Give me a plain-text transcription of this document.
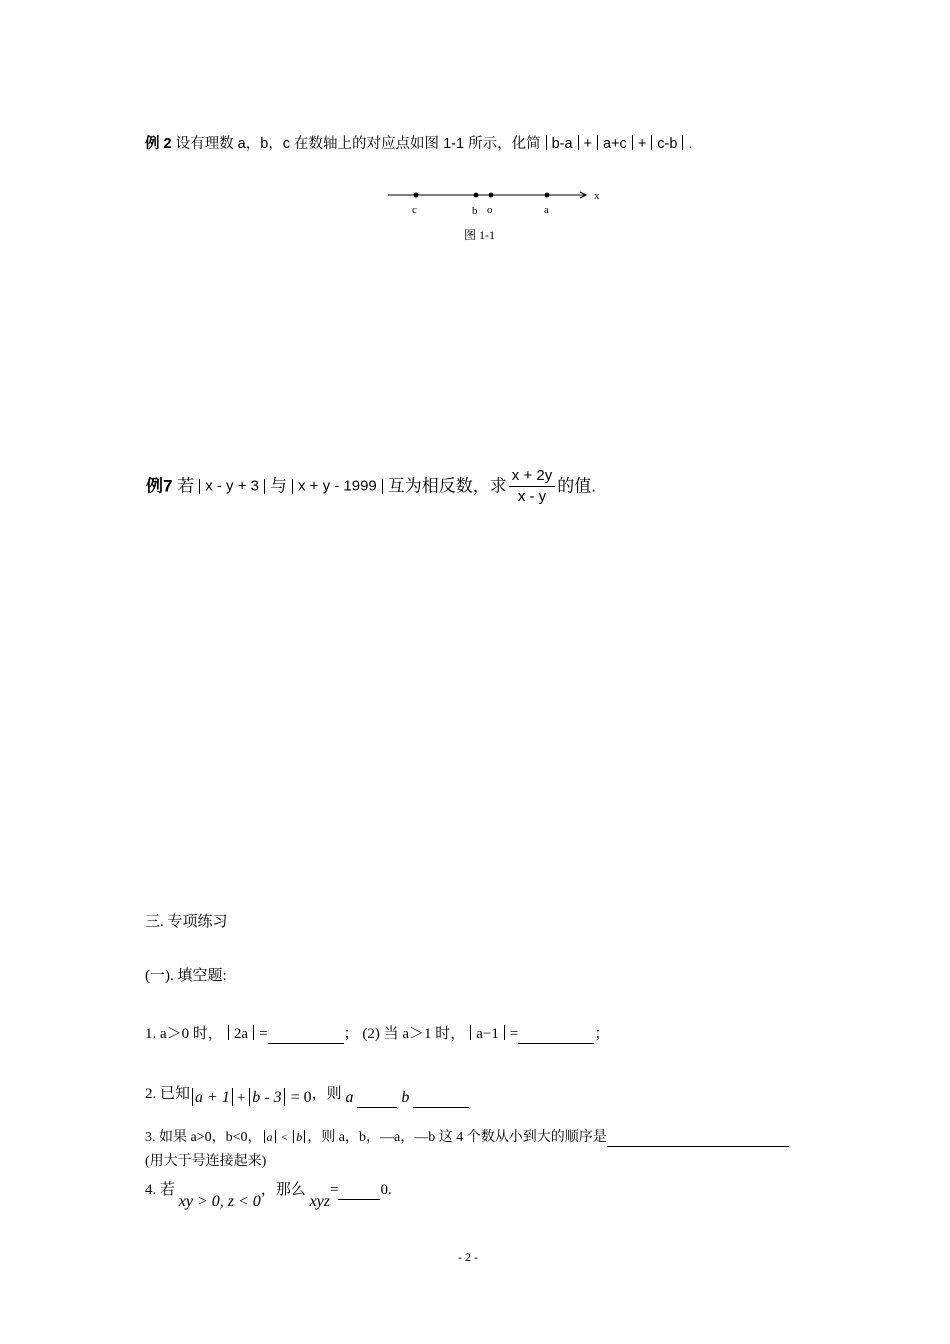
例 2 设有理数 a，b，c 在数轴上的对应点如图 1-1 所示，化简 b-a + a+c + c-b .
x
c	b o	a
图 1-1
例7 若 x - y + 3 与 x + y - 1999 互为相反数，求 $\frac{x + 2y}{x - y}$ 的值.
三. 专项练习
(一). 填空题:
1. a＞0 时， 2a =	； (2) 当 a＞1 时， a−1 =	；
2. 已知 a + 1 + b - 3 = 0，则 a	b
3. 如果 a>0，b<0， a < b ，则 a，b，—a，—b 这 4 个数从小到大的顺序是
(用大于号连接起来)
4. 若 xy > 0, z < 0，那么 xyz=	0.
- 2 -
